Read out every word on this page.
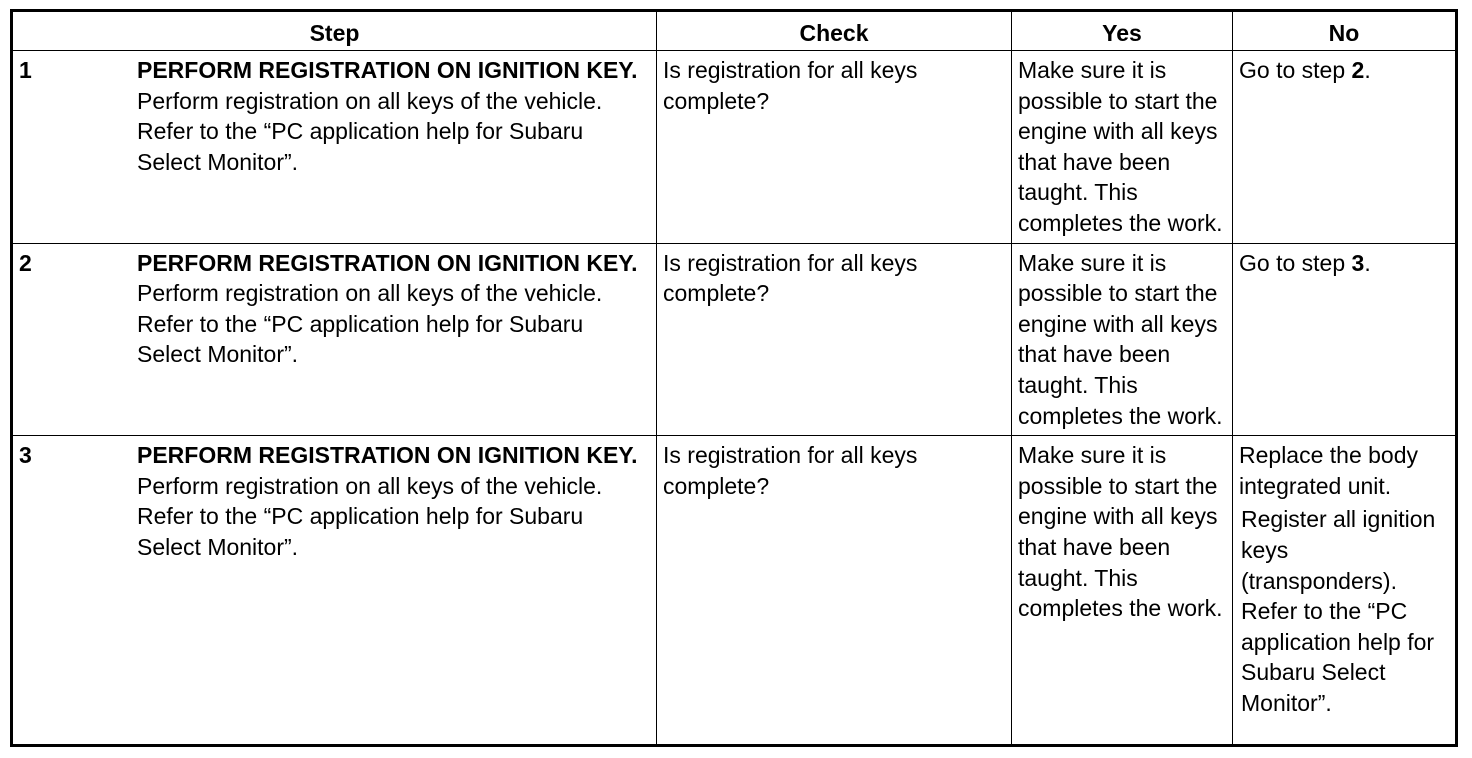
Step	Check	Yes	No

1 PERFORM REGISTRATION ON IGNITION KEY.
Perform registration on all keys of the vehicle. Refer to the “PC application help for Subaru Select Monitor”.	Is registration for all keys complete?	Make sure it is possible to start the engine with all keys that have been taught. This completes the work.	Go to step 2.

2 PERFORM REGISTRATION ON IGNITION KEY.
Perform registration on all keys of the vehicle. Refer to the “PC application help for Subaru Select Monitor”.	Is registration for all keys complete?	Make sure it is possible to start the engine with all keys that have been taught. This completes the work.	Go to step 3.

3 PERFORM REGISTRATION ON IGNITION KEY.
Perform registration on all keys of the vehicle. Refer to the “PC application help for Subaru Select Monitor”.	Is registration for all keys complete?	Make sure it is possible to start the engine with all keys that have been taught. This completes the work.	Replace the body integrated unit.
Register all ignition keys (transponders). Refer to the “PC application help for Subaru Select Monitor”.
